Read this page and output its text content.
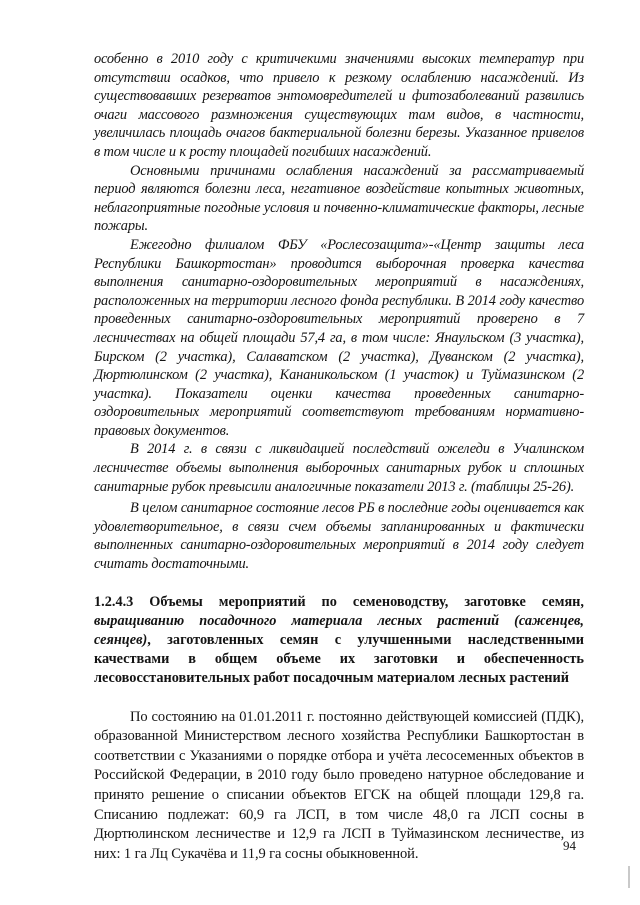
особенно в 2010 году с критичекими значениями высоких температур при отсутствии осадков, что привело к резкому ослаблению насаждений. Из существовавших резерватов энтомовредителей и фитозаболеваний развились очаги массового размножения существующих там видов, в частности, увеличилась площадь очагов бактериальной болезни березы. Указанное привелов в том числе и к росту площадей погибших насаждений.

Основными причинами ослабления насаждений за рассматриваемый период являются болезни леса, негативное воздействие копытных животных, неблагоприятные погодные условия и почвенно-климатические факторы, лесные пожары.

Ежегодно филиалом ФБУ «Рослесозащита»-«Центр защиты леса Республики Башкортостан» проводится выборочная проверка качества выполнения санитарно-оздоровительных мероприятий в насаждениях, расположенных на территории лесного фонда республики. В 2014 году качество проведенных санитарно-оздоровительных мероприятий проверено в 7 лесничествах на общей площади 57,4 га, в том числе: Янаульском (3 участка), Бирском (2 участка), Салаватском (2 участка), Дуванском (2 участка), Дюртюлинском (2 участка), Кананикольском (1 участок) и Туймазинском (2 участка). Показатели оценки качества проведенных санитарно-оздоровительных мероприятий соответствуют требованиям нормативно-правовых документов.

В 2014 г. в связи с ликвидацией последствий ожеледи в Учалинском лесничестве объемы выполнения выборочных санитарных рубок и сплошных санитарные рубок превысили аналогичные показатели 2013 г. (таблицы 25-26).

В целом санитарное состояние лесов РБ в последние годы оценивается как удовлетворительное, в связи счем объемы запланированных и фактически выполненных санитарно-оздоровительных мероприятий в 2014 году следует считать достаточными.

1.2.4.3 Объемы мероприятий по семеноводству, заготовке семян, выращиванию посадочного материала лесных растений (саженцев, сеянцев), заготовленных семян с улучшенными наследственными качествами в общем объеме их заготовки и обеспеченность лесовосстановительных работ посадочным материалом лесных растений

По состоянию на 01.01.2011 г. постоянно действующей комиссией (ПДК), образованной Министерством лесного хозяйства Республики Башкортостан в соответствии с Указаниями о порядке отбора и учёта лесосеменных объектов в Российской Федерации, в 2010 году было проведено натурное обследование и принято решение о списании объектов ЕГСК на общей площади 129,8 га. Списанию подлежат: 60,9 га ЛСП, в том числе 48,0 га ЛСП сосны в Дюртюлинском лесничестве и 12,9 га ЛСП в Туймазинском лесничестве, из них: 1 га Лц Сукачёва и 11,9 га сосны обыкновенной.

94
